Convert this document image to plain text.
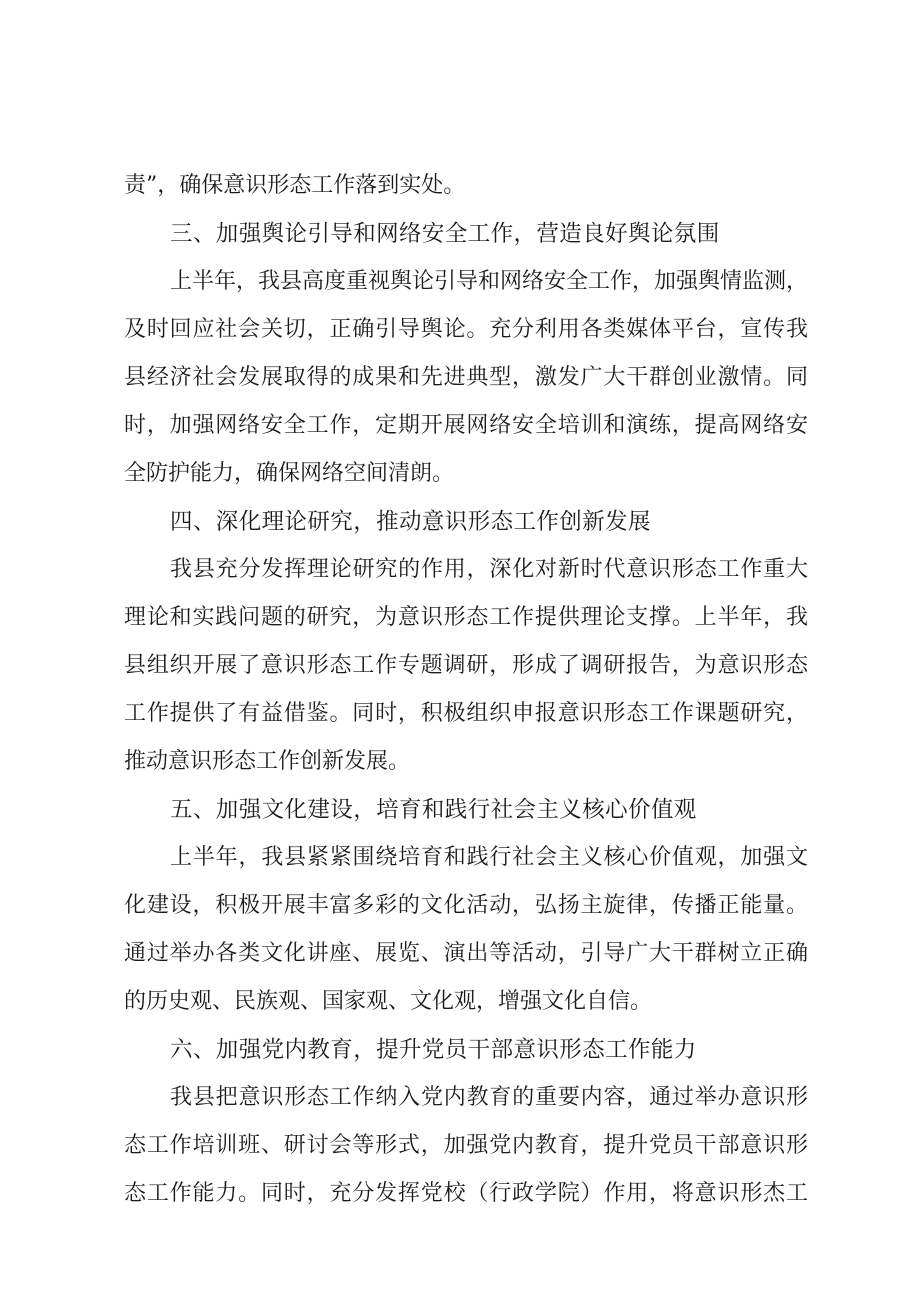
责”，确保意识形态工作落到实处。
三、加强舆论引导和网络安全工作，营造良好舆论氛围
上半年，我县高度重视舆论引导和网络安全工作，加强舆情监测，
及时回应社会关切，正确引导舆论。充分利用各类媒体平台，宣传我
县经济社会发展取得的成果和先进典型，激发广大干群创业激情。同
时，加强网络安全工作，定期开展网络安全培训和演练，提高网络安
全防护能力，确保网络空间清朗。
四、深化理论研究，推动意识形态工作创新发展
我县充分发挥理论研究的作用，深化对新时代意识形态工作重大
理论和实践问题的研究，为意识形态工作提供理论支撑。上半年，我
县组织开展了意识形态工作专题调研，形成了调研报告，为意识形态
工作提供了有益借鉴。同时，积极组织申报意识形态工作课题研究，
推动意识形态工作创新发展。
五、加强文化建设，培育和践行社会主义核心价值观
上半年，我县紧紧围绕培育和践行社会主义核心价值观，加强文
化建设，积极开展丰富多彩的文化活动，弘扬主旋律，传播正能量。
通过举办各类文化讲座、展览、演出等活动，引导广大干群树立正确
的历史观、民族观、国家观、文化观，增强文化自信。
六、加强党内教育，提升党员干部意识形态工作能力
我县把意识形态工作纳入党内教育的重要内容，通过举办意识形
态工作培训班、研讨会等形式，加强党内教育，提升党员干部意识形
态工作能力。同时，充分发挥党校（行政学院）作用，将意识形杰工
